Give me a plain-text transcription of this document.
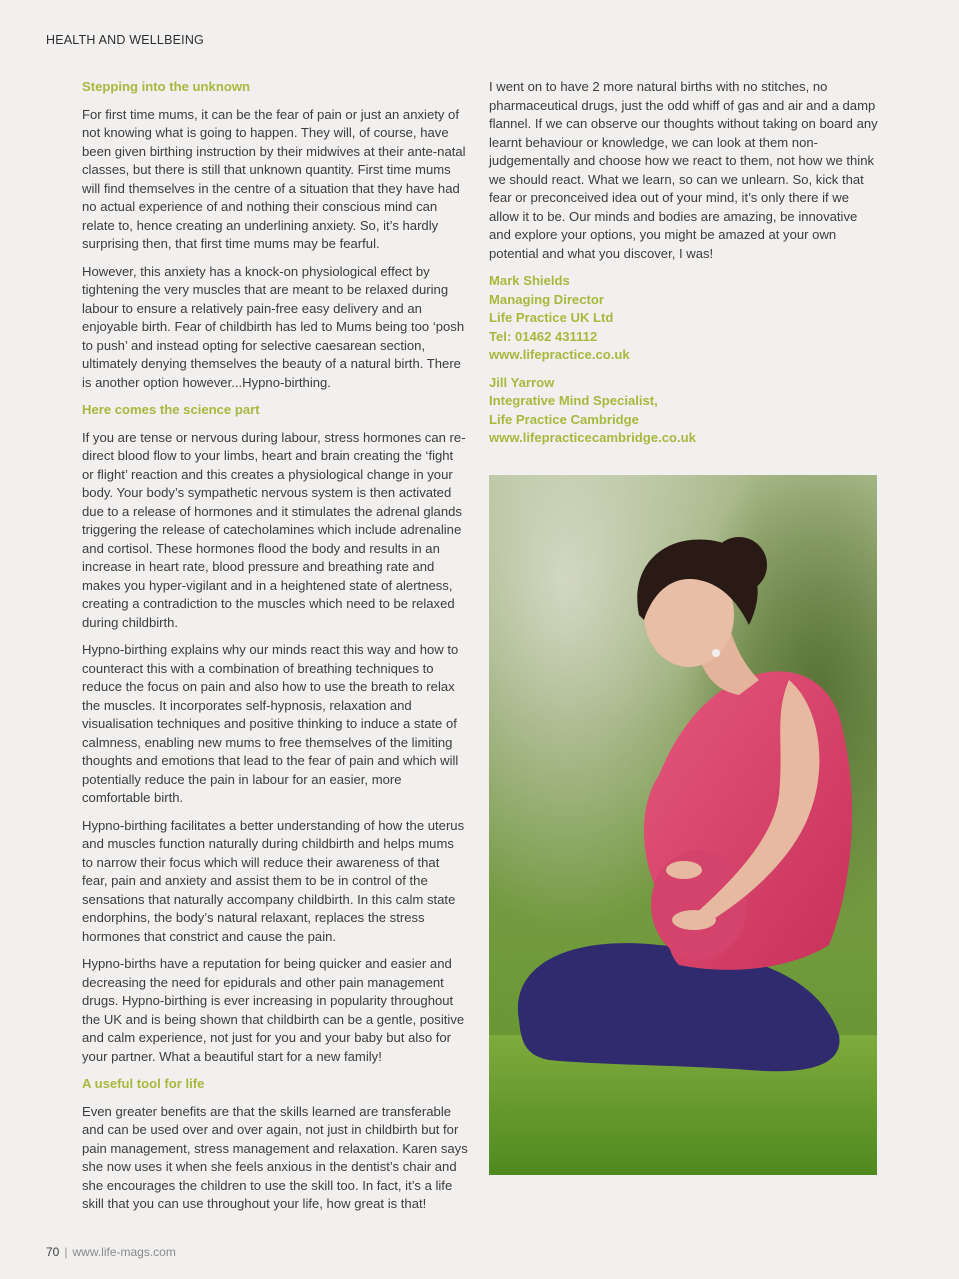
HEALTH AND WELLBEING
Stepping into the unknown

For first time mums, it can be the fear of pain or just an anxiety of not knowing what is going to happen. They will, of course, have been given birthing instruction by their midwives at their ante-natal classes, but there is still that unknown quantity. First time mums will find themselves in the centre of a situation that they have had no actual experience of and nothing their conscious mind can relate to, hence creating an underlining anxiety. So, it’s hardly surprising then, that first time mums may be fearful.

However, this anxiety has a knock-on physiological effect by tightening the very muscles that are meant to be relaxed during labour to ensure a relatively pain-free easy delivery and an enjoyable birth. Fear of childbirth has led to Mums being too ‘posh to push’ and instead opting for selective caesarean section, ultimately denying themselves the beauty of a natural birth. There is another option however...Hypno-birthing.

Here comes the science part

If you are tense or nervous during labour, stress hormones can re-direct blood flow to your limbs, heart and brain creating the ‘fight or flight’ reaction and this creates a physiological change in your body. Your body’s sympathetic nervous system is then activated due to a release of hormones and it stimulates the adrenal glands triggering the release of catecholamines which include adrenaline and cortisol. These hormones flood the body and results in an increase in heart rate, blood pressure and breathing rate and makes you hyper-vigilant and in a heightened state of alertness, creating a contradiction to the muscles which need to be relaxed during childbirth.

Hypno-birthing explains why our minds react this way and how to counteract this with a combination of breathing techniques to reduce the focus on pain and also how to use the breath to relax the muscles. It incorporates self-hypnosis, relaxation and visualisation techniques and positive thinking to induce a state of calmness, enabling new mums to free themselves of the limiting thoughts and emotions that lead to the fear of pain and which will potentially reduce the pain in labour for an easier, more comfortable birth.

Hypno-birthing facilitates a better understanding of how the uterus and muscles function naturally during childbirth and helps mums to narrow their focus which will reduce their awareness of that fear, pain and anxiety and assist them to be in control of the sensations that naturally accompany childbirth. In this calm state endorphins, the body’s natural relaxant, replaces the stress hormones that constrict and cause the pain.

Hypno-births have a reputation for being quicker and easier and decreasing the need for epidurals and other pain management drugs. Hypno-birthing is ever increasing in popularity throughout the UK and is being shown that childbirth can be a gentle, positive and calm experience, not just for you and your baby but also for your partner. What a beautiful start for a new family!

A useful tool for life

Even greater benefits are that the skills learned are transferable and can be used over and over again, not just in childbirth but for pain management, stress management and relaxation. Karen says she now uses it when she feels anxious in the dentist’s chair and she encourages the children to use the skill too. In fact, it’s a life skill that you can use throughout your life, how great is that!

I went on to have 2 more natural births with no stitches, no pharmaceutical drugs, just the odd whiff of gas and air and a damp flannel. If we can observe our thoughts without taking on board any learnt behaviour or knowledge, we can look at them non-judgementally and choose how we react to them, not how we think we should react. What we learn, so can we unlearn. So, kick that fear or preconceived idea out of your mind, it’s only there if we allow it to be. Our minds and bodies are amazing, be innovative and explore your options, you might be amazed at your own potential and what you discover, I was!

Mark Shields
Managing Director
Life Practice UK Ltd
Tel: 01462 431112
www.lifepractice.co.uk
Jill Yarrow
Integrative Mind Specialist,
Life Practice Cambridge
www.lifepracticecambridge.co.uk
70 | www.life-mags.com
